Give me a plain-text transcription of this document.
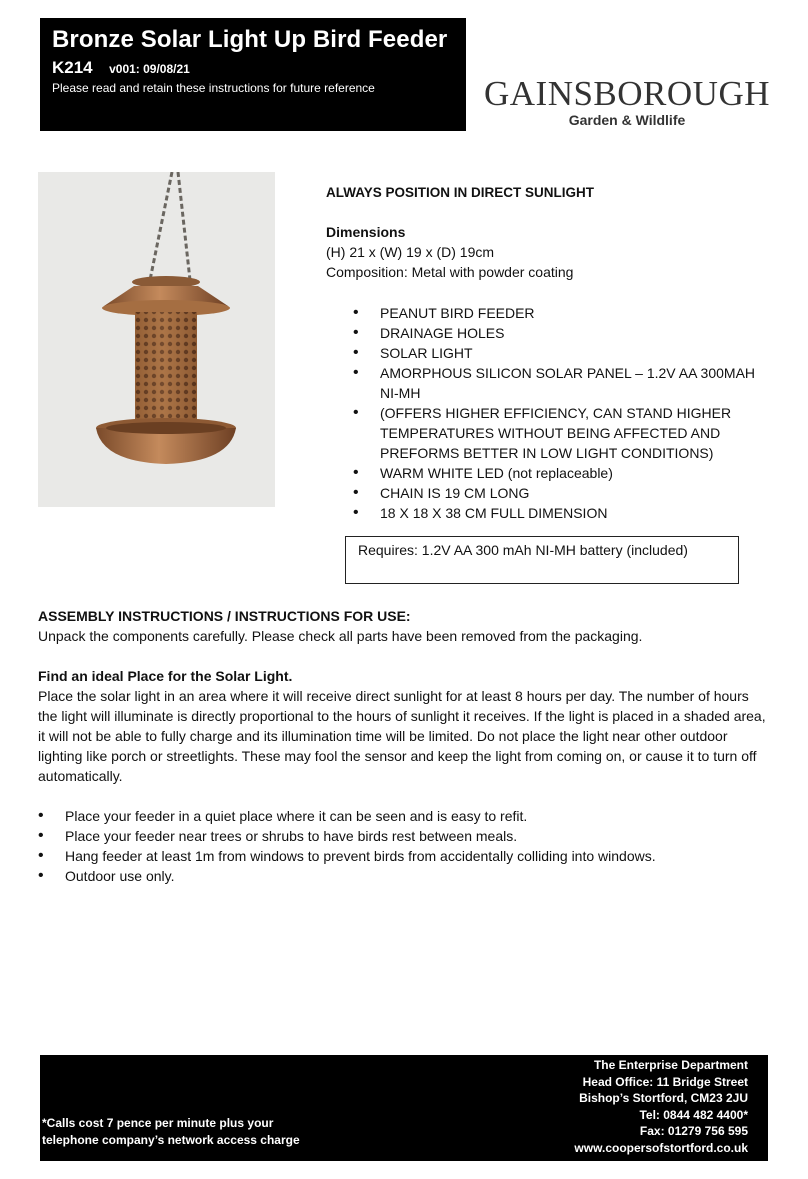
Bronze Solar Light Up Bird Feeder
K214 v001: 09/08/21
Please read and retain these instructions for future reference	GAINSBOROUGH
Garden & Wildlife
ALWAYS POSITION IN DIRECT SUNLIGHT
Dimensions
(H) 21 x (W) 19 x (D) 19cm
Composition: Metal with powder coating
• PEANUT BIRD FEEDER
• DRAINAGE HOLES
• SOLAR LIGHT
• AMORPHOUS SILICON SOLAR PANEL – 1.2V AA 300MAH NI-MH
• (OFFERS HIGHER EFFICIENCY, CAN STAND HIGHER TEMPERATURES WITHOUT BEING AFFECTED AND PREFORMS BETTER IN LOW LIGHT CONDITIONS)
• WARM WHITE LED (not replaceable)
• CHAIN IS 19 CM LONG
• 18 X 18 X 38 CM FULL DIMENSION
Requires: 1.2V AA 300 mAh NI-MH battery (included)
ASSEMBLY INSTRUCTIONS / INSTRUCTIONS FOR USE:
Unpack the components carefully. Please check all parts have been removed from the packaging.
Find an ideal Place for the Solar Light.
Place the solar light in an area where it will receive direct sunlight for at least 8 hours per day. The number of hours the light will illuminate is directly proportional to the hours of sunlight it receives. If the light is placed in a shaded area, it will not be able to fully charge and its illumination time will be limited. Do not place the light near other outdoor lighting like porch or streetlights. These may fool the sensor and keep the light from coming on, or cause it to turn off automatically.
• Place your feeder in a quiet place where it can be seen and is easy to refit.
• Place your feeder near trees or shrubs to have birds rest between meals.
• Hang feeder at least 1m from windows to prevent birds from accidentally colliding into windows.
• Outdoor use only.
*Calls cost 7 pence per minute plus your
telephone company’s network access charge
The Enterprise Department
Head Office: 11 Bridge Street
Bishop’s Stortford, CM23 2JU
Tel: 0844 482 4400*
Fax: 01279 756 595
www.coopersofstortford.co.uk
